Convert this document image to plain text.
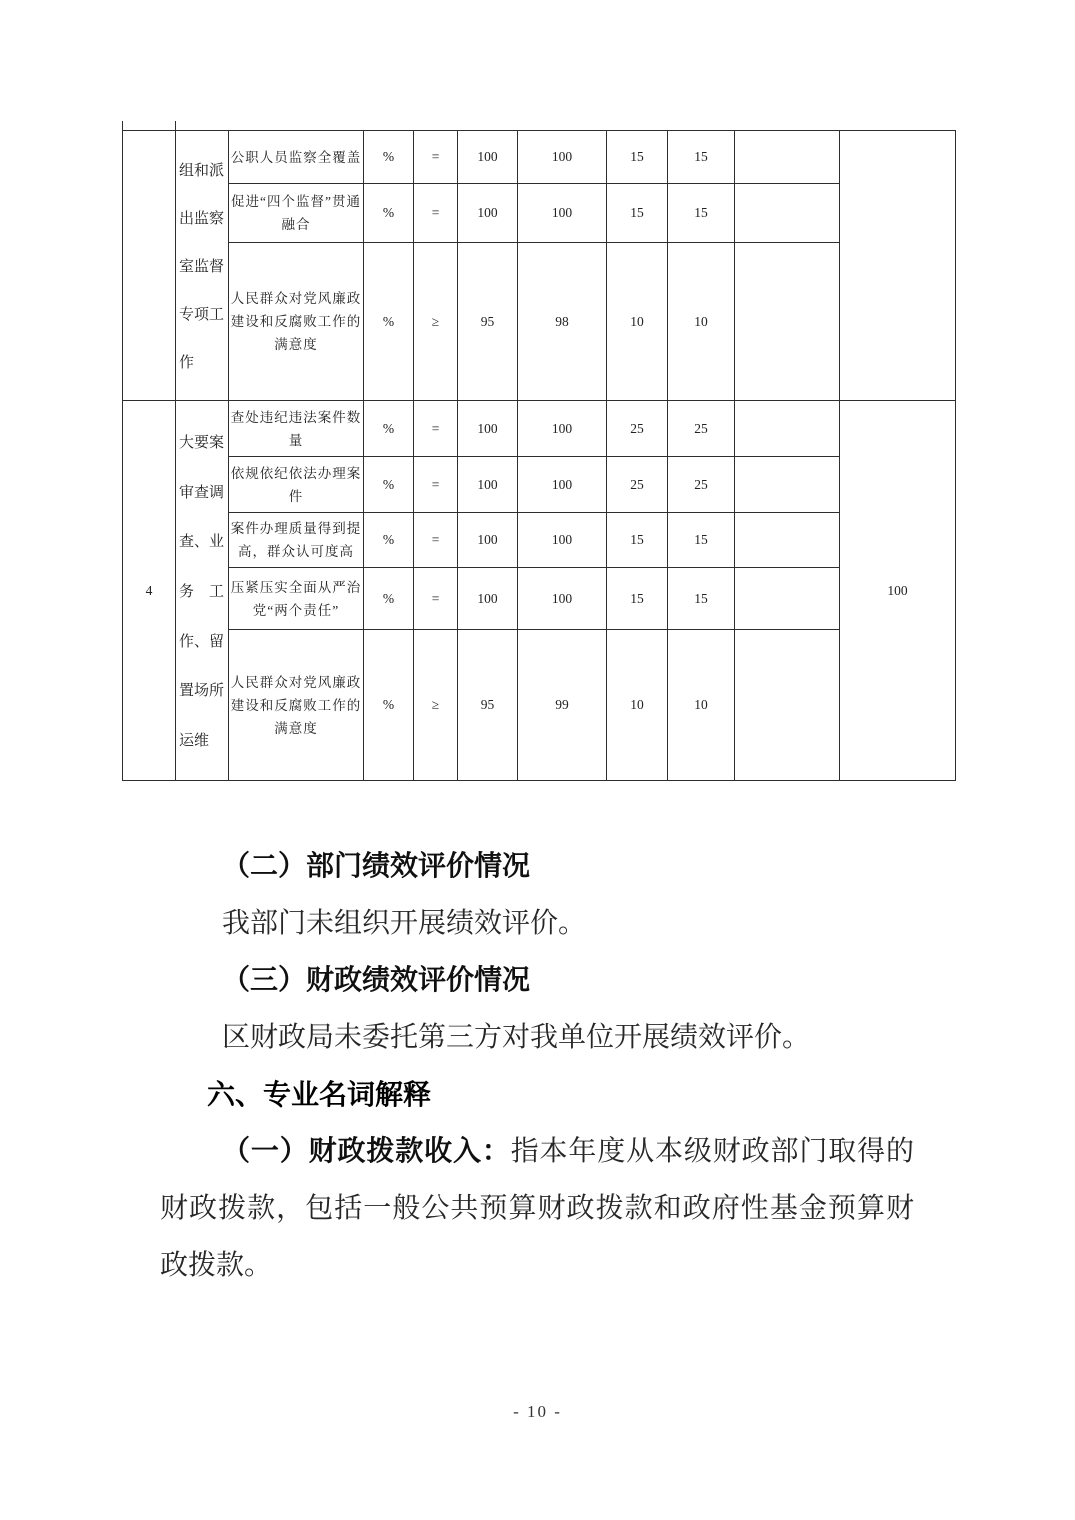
	组和派
出监察
室监督
专项工
作	公职人员监察全覆盖	%	=	100	100	15	15		
		促进“四个监督”贯通融合	%	=	100	100	15	15		
		人民群众对党风廉政建设和反腐败工作的满意度	%	≥	95	98	10	10		
4	
大要案
审查调
查、业
务　工
作、留
置场所
运维
	查处违纪违法案件数量	%	=	100	100	25	25		100
		依规依纪依法办理案件	%	=	100	100	25	25		
		案件办理质量得到提高，群众认可度高	%	=	100	100	15	15		
		压紧压实全面从严治党“两个责任”	%	=	100	100	15	15		
		人民群众对党风廉政建设和反腐败工作的满意度	%	≥	95	99	10	10		

（二）部门绩效评价情况

我部门未组织开展绩效评价。

（三）财政绩效评价情况

区财政局未委托第三方对我单位开展绩效评价。

六、专业名词解释

（一）财政拨款收入：指本年度从本级财政部门取得的财政拨款，包括一般公共预算财政拨款和政府性基金预算财政拨款。

- 10 -
